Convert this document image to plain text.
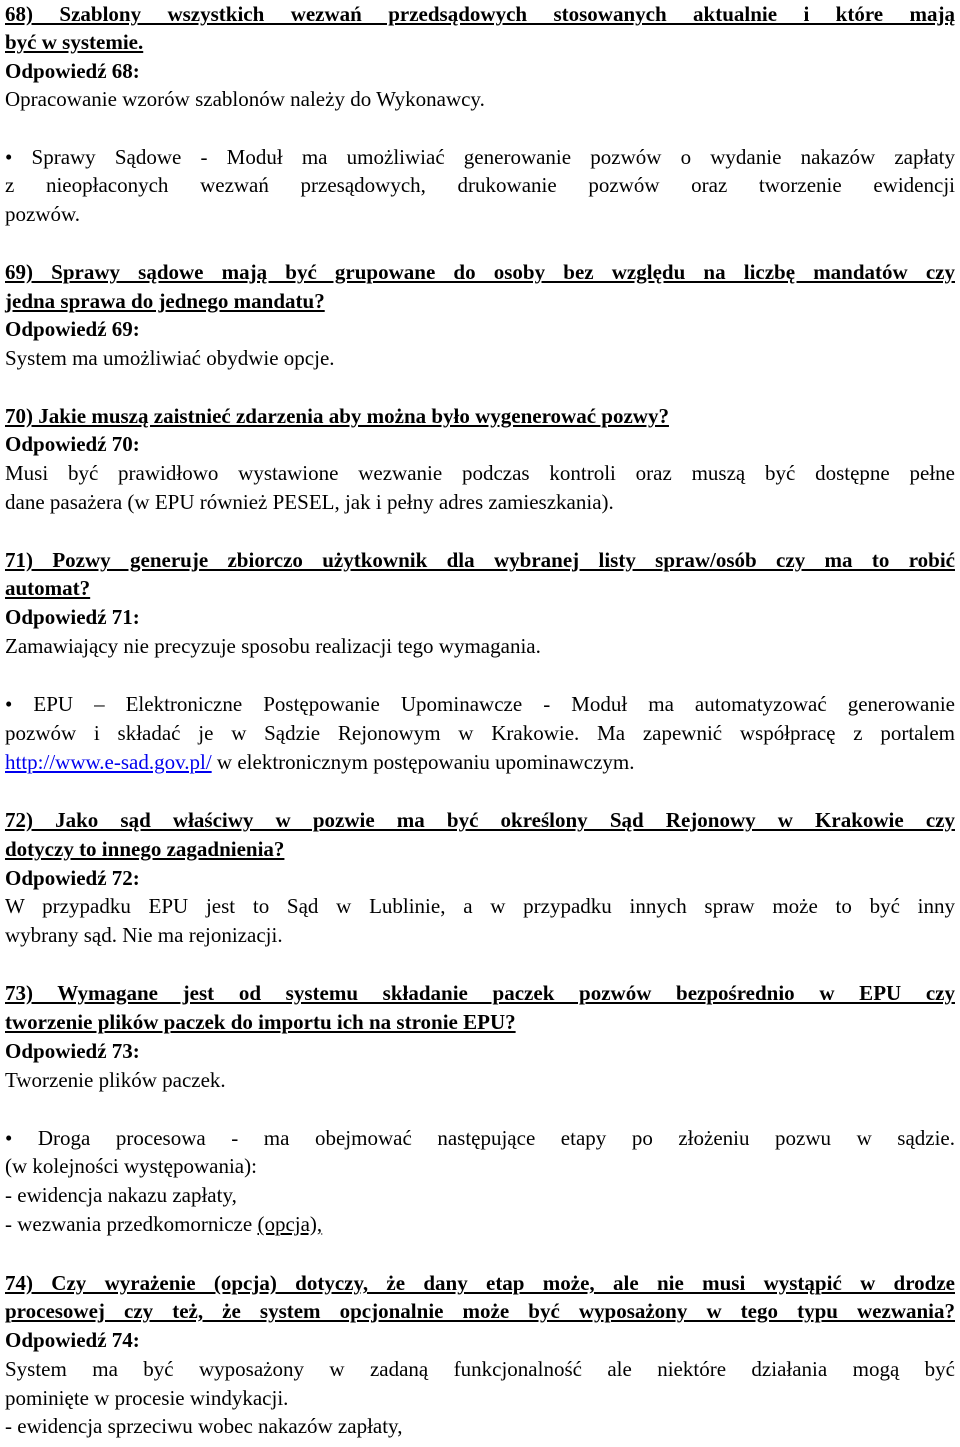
68) Szablony wszystkich wezwań przedsądowych stosowanych aktualnie i które mają
być w systemie.
Odpowiedź 68:
Opracowanie wzorów szablonów należy do Wykonawcy.
• Sprawy Sądowe - Moduł ma umożliwiać generowanie pozwów o wydanie nakazów zapłaty
z nieopłaconych wezwań przesądowych, drukowanie pozwów oraz tworzenie ewidencji
pozwów.
69) Sprawy sądowe mają być grupowane do osoby bez względu na liczbę mandatów czy
jedna sprawa do jednego mandatu?
Odpowiedź 69:
System ma umożliwiać obydwie opcje.
70) Jakie muszą zaistnieć zdarzenia aby można było wygenerować pozwy?
Odpowiedź 70:
Musi być prawidłowo wystawione wezwanie podczas kontroli oraz muszą być dostępne pełne
dane pasażera (w EPU również PESEL, jak i pełny adres zamieszkania).
71) Pozwy generuje zbiorczo użytkownik dla wybranej listy spraw/osób czy ma to robić
automat?
Odpowiedź 71:
Zamawiający nie precyzuje sposobu realizacji tego wymagania.
• EPU – Elektroniczne Postępowanie Upominawcze - Moduł ma automatyzować generowanie
pozwów i składać je w Sądzie Rejonowym w Krakowie. Ma zapewnić współpracę z portalem
http://www.e-sad.gov.pl/ w elektronicznym postępowaniu upominawczym.
72) Jako sąd właściwy w pozwie ma być określony Sąd Rejonowy w Krakowie czy
dotyczy to innego zagadnienia?
Odpowiedź 72:
W przypadku EPU jest to Sąd w Lublinie, a w przypadku innych spraw może to być inny
wybrany sąd. Nie ma rejonizacji.
73) Wymagane jest od systemu składanie paczek pozwów bezpośrednio w EPU czy
tworzenie plików paczek do importu ich na stronie EPU?
Odpowiedź 73:
Tworzenie plików paczek.
• Droga procesowa - ma obejmować następujące etapy po złożeniu pozwu w sądzie.
(w kolejności występowania):
- ewidencja nakazu zapłaty,
- wezwania przedkomornicze (opcja),
74) Czy wyrażenie (opcja) dotyczy, że dany etap może, ale nie musi wystąpić w drodze
procesowej czy też, że system opcjonalnie może być wyposażony w tego typu wezwania?
Odpowiedź 74:
System ma być wyposażony w zadaną funkcjonalność ale niektóre działania mogą być
pominięte w procesie windykacji.
- ewidencja sprzeciwu wobec nakazów zapłaty,
